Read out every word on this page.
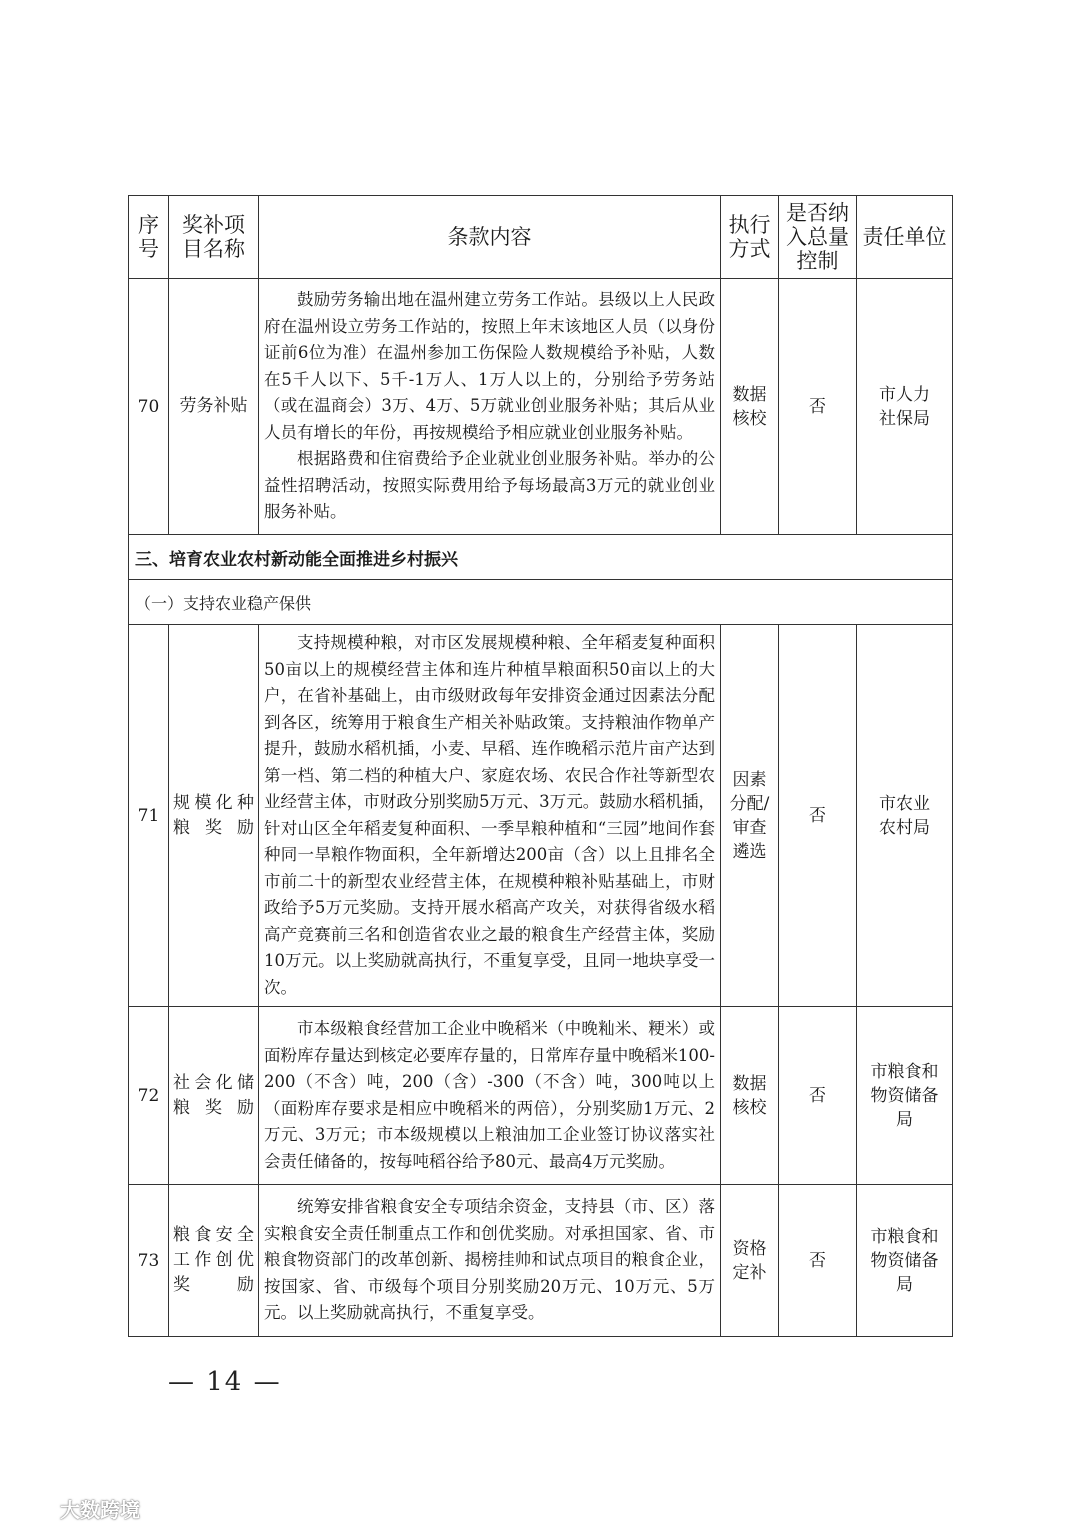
序号	奖补项目名称	条款内容	执行方式	是否纳入总量控制	责任单位
70	劳务补贴	鼓励劳务输出地在温州建立劳务工作站。县级以上人民政府在温州设立劳务工作站的，按照上年末该地区人员（以身份证前6位为准）在温州参加工伤保险人数规模给予补贴，人数在5千人以下、5千-1万人、1万人以上的，分别给予劳务站（或在温商会）3万、4万、5万就业创业服务补贴；其后从业人员有增长的年份，再按规模给予相应就业创业服务补贴。

根据路费和住宿费给予企业就业创业服务补贴。举办的公益性招聘活动，按照实际费用给予每场最高3万元的就业创业服务补贴。	数据核校	否	市人力社保局
三、培育农业农村新动能全面推进乡村振兴					
（一）支持农业稳产保供					
71	规模化种粮奖励	支持规模种粮，对市区发展规模种粮、全年稻麦复种面积50亩以上的规模经营主体和连片种植旱粮面积50亩以上的大户，在省补基础上，由市级财政每年安排资金通过因素法分配到各区，统筹用于粮食生产相关补贴政策。支持粮油作物单产提升，鼓励水稻机插，小麦、早稻、连作晚稻示范片亩产达到第一档、第二档的种植大户、家庭农场、农民合作社等新型农业经营主体，市财政分别奖励5万元、3万元。鼓励水稻机插，针对山区全年稻麦复种面积、一季旱粮种植和“三园”地间作套种同一旱粮作物面积，全年新增达200亩（含）以上且排名全市前二十的新型农业经营主体，在规模种粮补贴基础上，市财政给予5万元奖励。支持开展水稻高产攻关，对获得省级水稻高产竞赛前三名和创造省农业之最的粮食生产经营主体，奖励10万元。以上奖励就高执行，不重复享受，且同一地块享受一次。	因素分配/审查遴选	否	市农业农村局
72	社会化储粮奖励	市本级粮食经营加工企业中晚稻米（中晚籼米、粳米）或面粉库存量达到核定必要库存量的，日常库存量中晚稻米100-200（不含）吨，200（含）-300（不含）吨，300吨以上（面粉库存要求是相应中晚稻米的两倍），分别奖励1万元、2万元、3万元；市本级规模以上粮油加工企业签订协议落实社会责任储备的，按每吨稻谷给予80元、最高4万元奖励。	数据核校	否	市粮食和物资储备局
73	粮食安全工作创优奖励	统筹安排省粮食安全专项结余资金，支持县（市、区）落实粮食安全责任制重点工作和创优奖励。对承担国家、省、市粮食物资部门的改革创新、揭榜挂帅和试点项目的粮食企业，按国家、省、市级每个项目分别奖励20万元、10万元、5万元。以上奖励就高执行，不重复享受。	资格定补	否	市粮食和物资储备局
— 14 —
大数跨境
